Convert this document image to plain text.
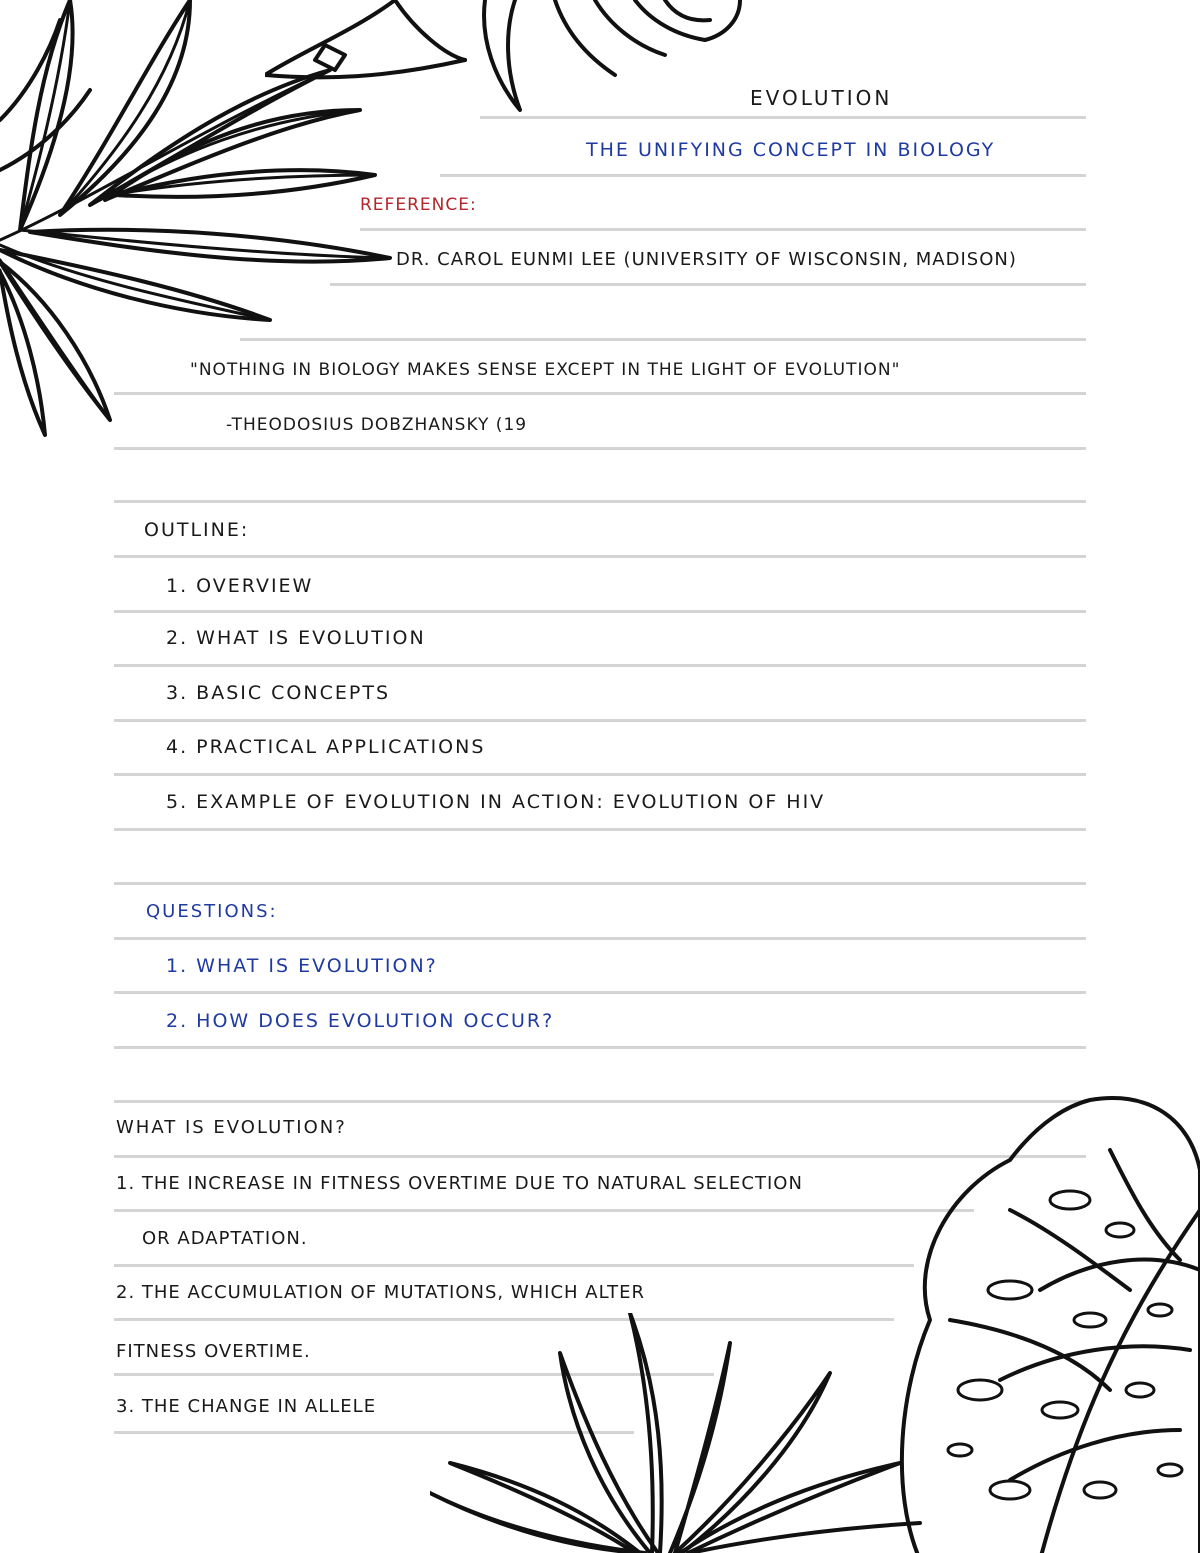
EVOLUTION
THE UNIFYING CONCEPT IN BIOLOGY
REFERENCE:
DR. CAROL EUNMI LEE (UNIVERSITY OF WISCONSIN, MADISON)
"NOTHING IN BIOLOGY MAKES SENSE EXCEPT IN THE LIGHT OF EVOLUTION"
-THEODOSIUS DOBZHANSKY (19
OUTLINE:
1. OVERVIEW
2. WHAT IS EVOLUTION
3. BASIC CONCEPTS
4. PRACTICAL APPLICATIONS
5. EXAMPLE OF EVOLUTION IN ACTION: EVOLUTION OF HIV
QUESTIONS:
1. WHAT IS EVOLUTION?
2. HOW DOES EVOLUTION OCCUR?
WHAT IS EVOLUTION?
1. THE INCREASE IN FITNESS OVERTIME DUE TO NATURAL SELECTION
OR ADAPTATION.
2. THE ACCUMULATION OF MUTATIONS, WHICH ALTER
FITNESS OVERTIME.
3. THE CHANGE IN ALLELE
